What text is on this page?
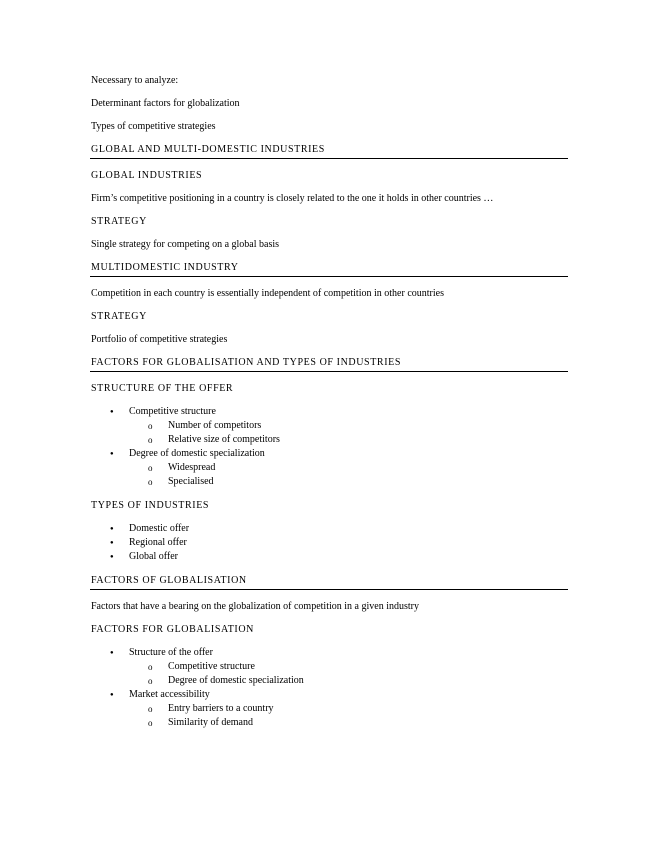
Necessary to analyze:

Determinant factors for globalization

Types of competitive strategies

GLOBAL AND MULTI-DOMESTIC INDUSTRIES
GLOBAL INDUSTRIES

Firm’s competitive positioning in a country is closely related to the one it holds in other countries …

STRATEGY

Single strategy for competing on a global basis

MULTIDOMESTIC INDUSTRY

Competition in each country is essentially independent of competition in other countries

STRATEGY

Portfolio of competitive strategies

FACTORS FOR GLOBALISATION AND TYPES OF INDUSTRIES
STRUCTURE OF THE OFFER
● Competitive structure
o Number of competitors
o Relative size of competitors
● Degree of domestic specialization
o Widespread
o Specialised
TYPES OF INDUSTRIES
● Domestic offer
● Regional offer
● Global offer
FACTORS OF GLOBALISATION

Factors that have a bearing on the globalization of competition in a given industry

FACTORS FOR GLOBALISATION
● Structure of the offer
o Competitive structure
o Degree of domestic specialization
● Market accessibility
o Entry barriers to a country
o Similarity of demand
